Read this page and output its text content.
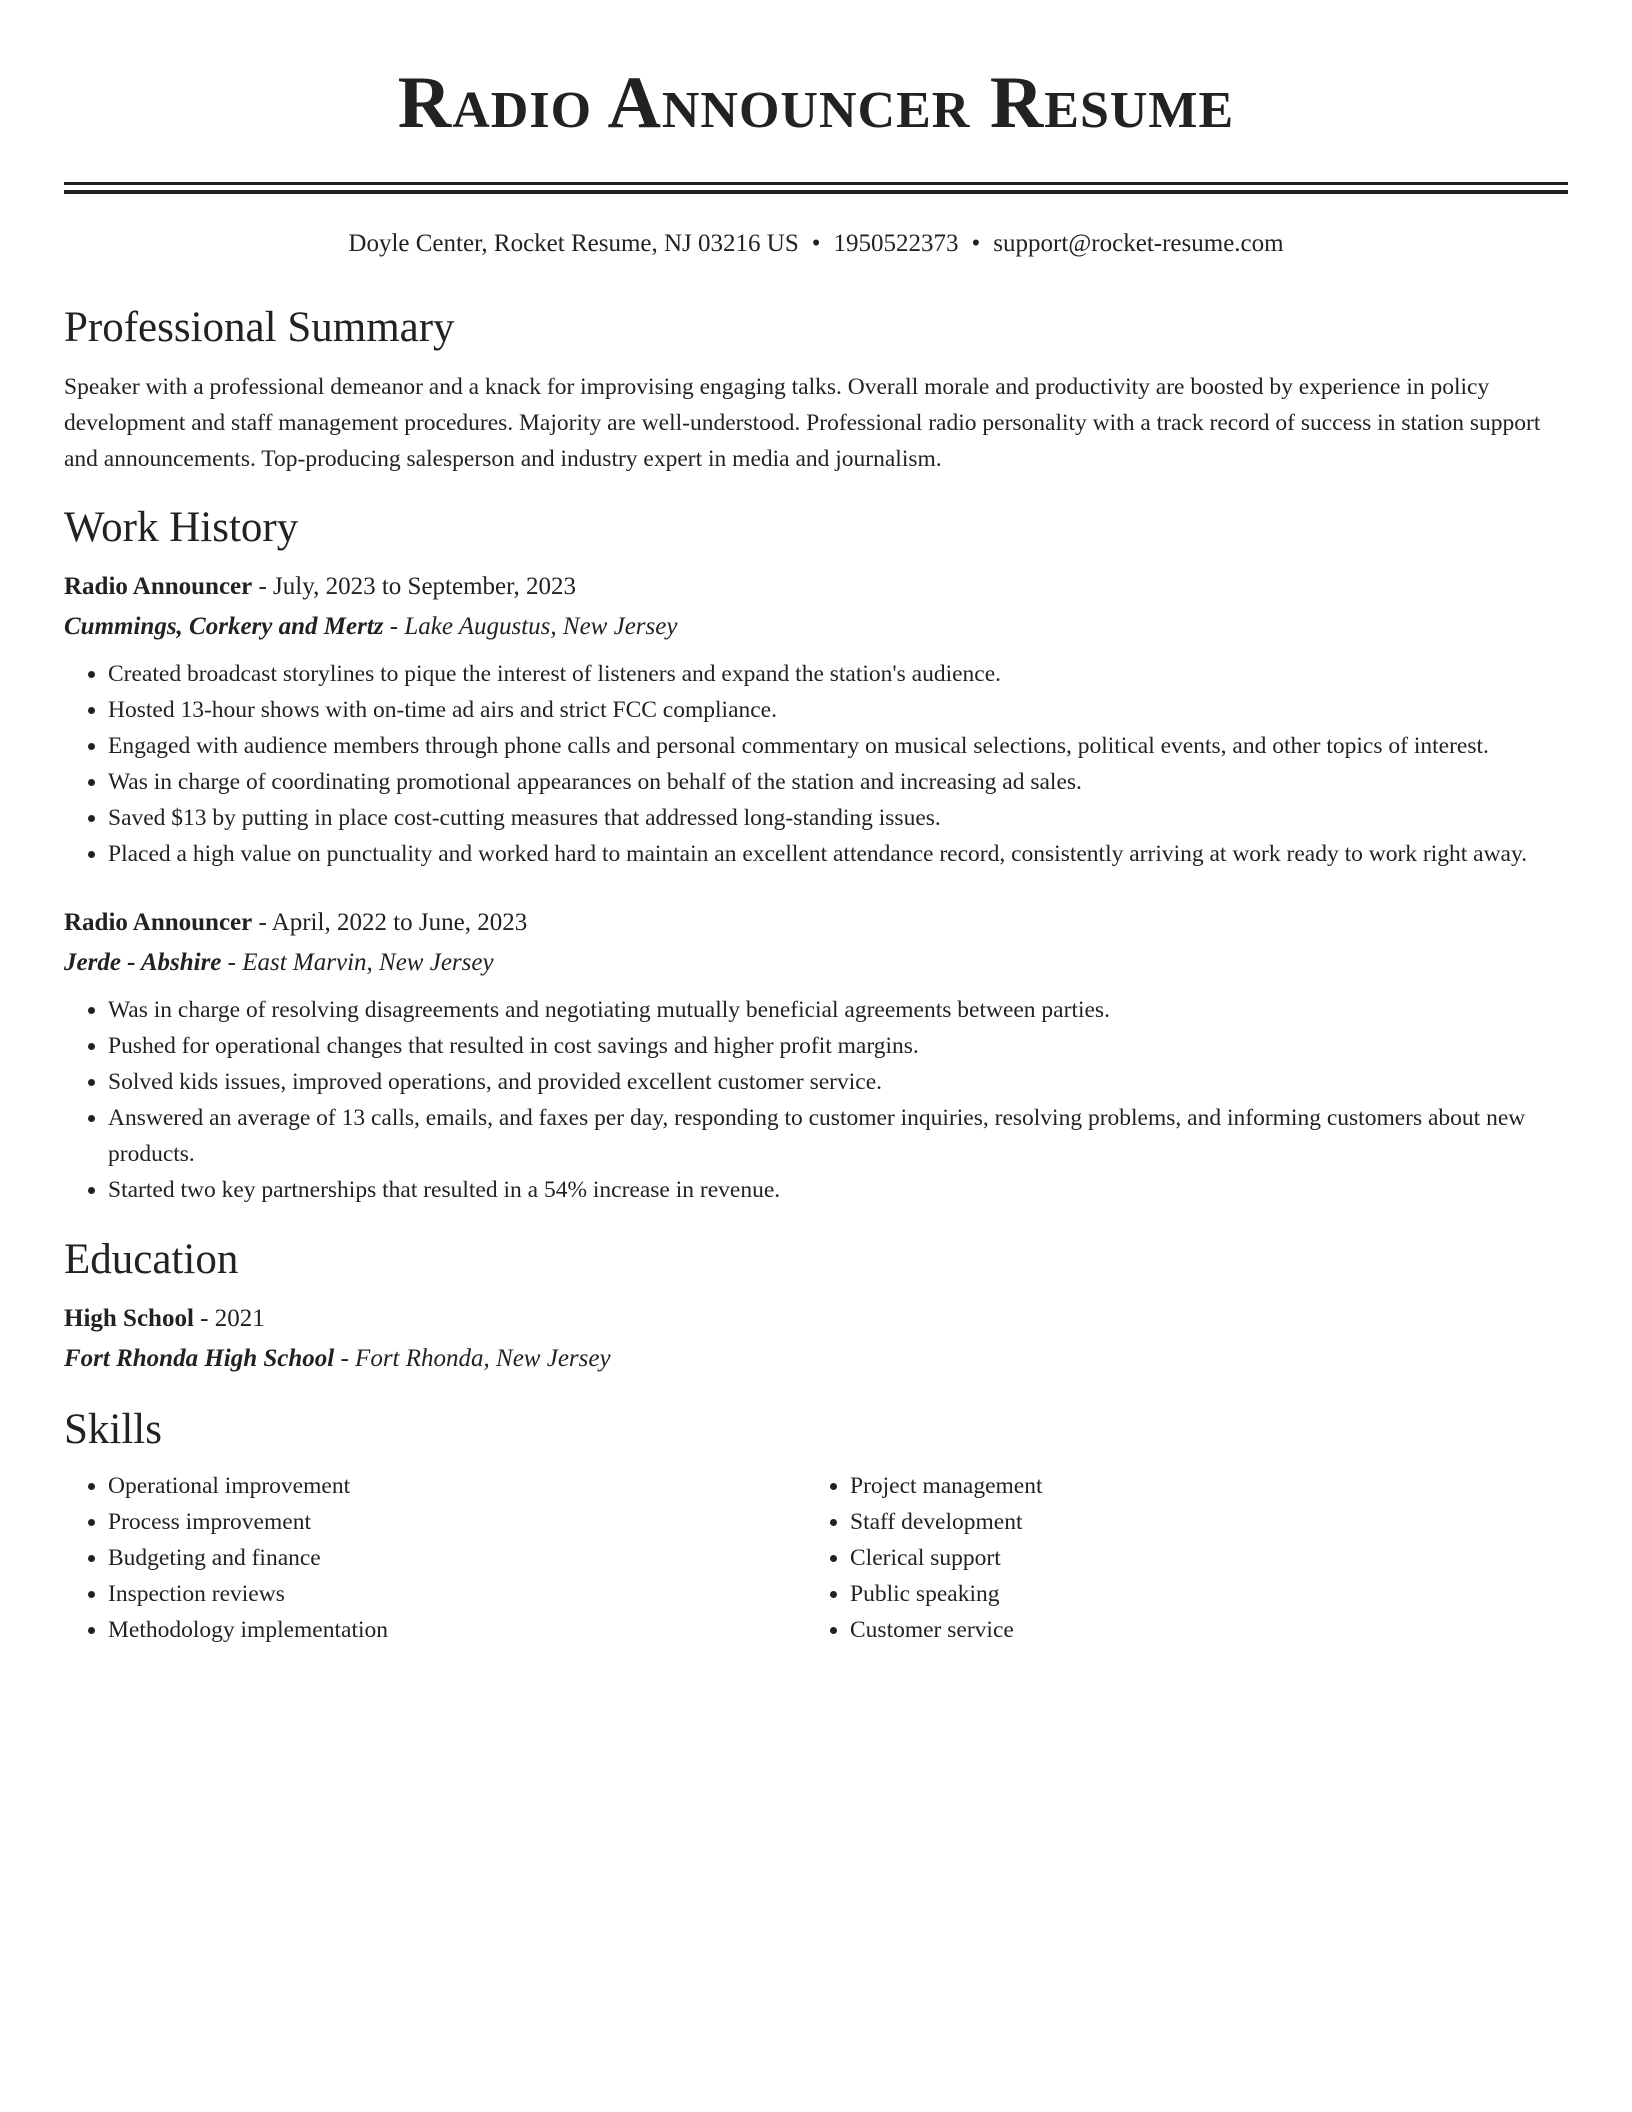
Radio Announcer Resume
Doyle Center, Rocket Resume, NJ 03216 US • 1950522373 • support@rocket-resume.com
Professional Summary

Speaker with a professional demeanor and a knack for improvising engaging talks. Overall morale and productivity are boosted by experience in policy development and staff management procedures. Majority are well-understood. Professional radio personality with a track record of success in station support and announcements. Top-producing salesperson and industry expert in media and journalism.

Work History
Radio Announcer - July, 2023 to September, 2023
Cummings, Corkery and Mertz - Lake Augustus, New Jersey
• Created broadcast storylines to pique the interest of listeners and expand the station's audience.
• Hosted 13-hour shows with on-time ad airs and strict FCC compliance.
• Engaged with audience members through phone calls and personal commentary on musical selections, political events, and other topics of interest.
• Was in charge of coordinating promotional appearances on behalf of the station and increasing ad sales.
• Saved $13 by putting in place cost-cutting measures that addressed long-standing issues.
• Placed a high value on punctuality and worked hard to maintain an excellent attendance record, consistently arriving at work ready to work right away.
Radio Announcer - April, 2022 to June, 2023
Jerde - Abshire - East Marvin, New Jersey
• Was in charge of resolving disagreements and negotiating mutually beneficial agreements between parties.
• Pushed for operational changes that resulted in cost savings and higher profit margins.
• Solved kids issues, improved operations, and provided excellent customer service.
• Answered an average of 13 calls, emails, and faxes per day, responding to customer inquiries, resolving problems, and informing customers about new products.
• Started two key partnerships that resulted in a 54% increase in revenue.
Education
High School - 2021
Fort Rhonda High School - Fort Rhonda, New Jersey
Skills
• Operational improvement
• Process improvement
• Budgeting and finance
• Inspection reviews
• Methodology implementation
• Project management
• Staff development
• Clerical support
• Public speaking
• Customer service
